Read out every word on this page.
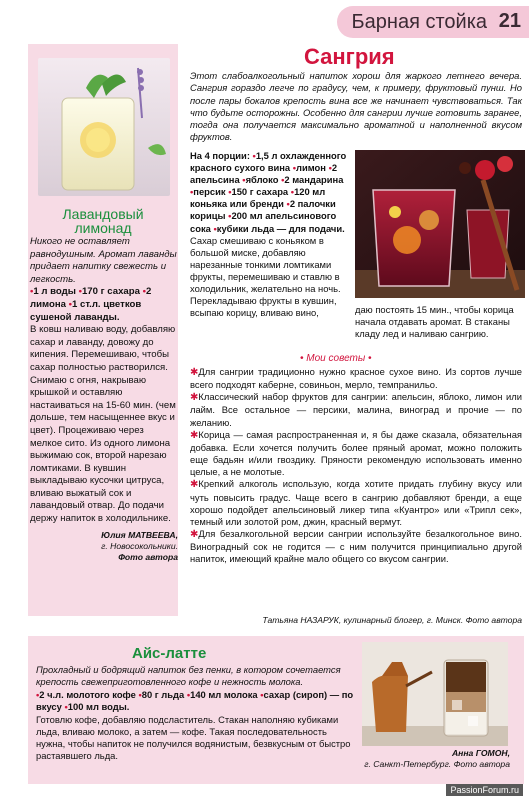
Барная стойка 21
Лавандовый
лимонад

Никого не оставляет равнодушным. Аромат лаванды придает напитку свежесть и легкость.

•1 л воды •170 г сахара •2 лимона •1 ст.л. цветков сушеной лаванды.

В ковш наливаю воду, добавляю сахар и лаванду, довожу до кипения. Перемешиваю, чтобы сахар полностью растворился. Снимаю с огня, накрываю крышкой и оставляю настаиваться на 15-60 мин. (чем дольше, тем насыщеннее вкус и цвет). Процеживаю через мелкое сито. Из одного лимона выжимаю сок, второй нарезаю ломтиками. В кувшин выкладываю кусочки цитруса, вливаю выжатый сок и лавандовый отвар. До подачи держу напиток в холодильнике.

Юлия МАТВЕЕВА,
г. Новосокольники.
Фото автора
Сангрия
Этот слабоалкогольный напиток хорош для жаркого летнего вечера. Сангрия гораздо легче по градусу, чем, к примеру, фруктовый пунш. Но после пары бокалов крепость вина все же начинает чувствоваться. Так что будьте осторожны. Особенно для сангрии лучше готовить заранее, тогда она получается максимально ароматной и наполненной вкусом фруктов.

На 4 порции: •1,5 л охлажденного красного сухого вина •лимон •2 апельсина •яблоко •2 мандарина •персик •150 г сахара •120 мл коньяка или бренди •2 палочки корицы •200 мл апельсинового сока •кубики льда — для подачи.

Сахар смешиваю с коньяком в большой миске, добавляю нарезанные тонкими ломтиками фрукты, перемешиваю и ставлю в холодильник, желательно на ночь. Перекладываю фрукты в кувшин, всыпаю корицу, вливаю вино,	даю постоять 15 мин., чтобы корица начала отдавать аромат. В стаканы кладу лед и наливаю сангрию.
• Мои советы •

✱Для сангрии традиционно нужно красное сухое вино. Из сортов лучше всего подходят каберне, совиньон, мерло, темпранильо.

✱Классический набор фруктов для сангрии: апельсин, яблоко, лимон или лайм. Все остальное — персики, малина, виноград и прочие — по желанию.

✱Корица — самая распространенная и, я бы даже сказала, обязательная добавка. Если хочется получить более пряный аромат, можно положить еще бадьян и/или гвоздику. Пряности рекомендую использовать именно целые, а не молотые.

✱Крепкий алкоголь использую, когда хотите придать глубину вкусу или чуть повысить градус. Чаще всего в сангрию добавляют бренди, а еще хорошо подойдет апельсиновый ликер типа «Куантро» или «Трипл сек», темный или золотой ром, джин, красный вермут.

✱Для безалкогольной версии сангрии используйте безалкогольное вино. Виноградный сок не годится — с ним получится принципиально другой напиток, имеющий крайне мало общего со вкусом сангрии.

Татьяна НАЗАРУК, кулинарный блогер, г. Минск. Фото автора
Айс-латте
Прохладный и бодрящий напиток без пенки, в котором сочетается крепость свежеприготовленного кофе и нежность молока.
•2 ч.л. молотого кофе •80 г льда •140 мл молока •сахар (сироп) — по вкусу •100 мл воды.
Готовлю кофе, добавляю подсластитель. Стакан наполняю кубиками льда, вливаю молоко, а затем — кофе. Такая последовательность нужна, чтобы напиток не получился водянистым, безвкусным от быстро растаявшего льда.	Анна ГОМОН,
г. Санкт-Петербург. Фото автора
PassionForum.ru
